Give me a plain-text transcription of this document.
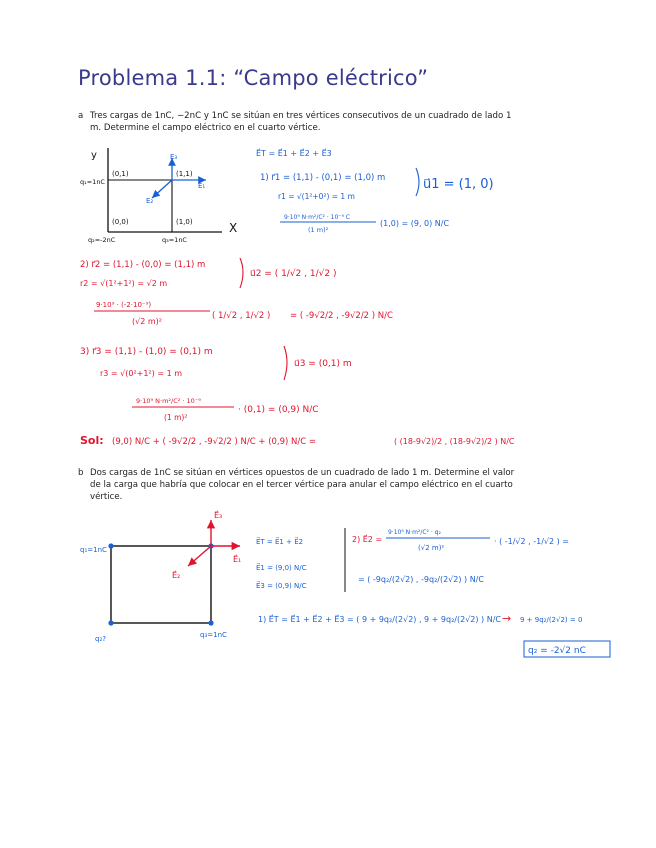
Problema 1.1: “Campo eléctrico”
a Tres cargas de 1nC, −2nC y 1nC se sitúan en tres vértices consecutivos de un cuadrado de lado 1
m. Determine el campo eléctrico en el cuarto vértice.
b Dos cargas de 1nC se sitúan en vértices opuestos de un cuadrado de lado 1 m. Determine el valor
de la carga que habría que colocar en el tercer vértice para anular el campo eléctrico en el cuarto
vértice.
y
X
(0,1)	(1,1)
(1,0)
(0,0)
q₁=1nC
q₂=-2nC	q₃=1nC
E₁
E₃
E₂
E⃗T = E⃗1 + E⃗2 + E⃗3
1) r⃗1 = (1,1) - (0,1) = (1,0) m
r1 = √(1²+0²) = 1 m
u⃗1 = (1, 0)
9·10⁹ N·m²/C² · 10⁻⁹ C
(1 m)²
(1,0) = (9, 0) N/C
2) r⃗2 = (1,1) - (0,0) = (1,1) m
r2 = √(1²+1²) = √2 m
u⃗2 = ( 1/√2 , 1/√2 )
9·10⁹ · (-2·10⁻⁹)
(√2 m)²
( 1/√2 , 1/√2 ) = ( -9√2/2 , -9√2/2 ) N/C
3) r⃗3 = (1,1) - (1,0) = (0,1) m
r3 = √(0²+1²) = 1 m
u⃗3 = (0,1) m
9·10⁹ N·m²/C² · 10⁻⁹
(1 m)²
· (0,1) = (0,9) N/C
Sol: (9,0) N/C + ( -9√2/2 , -9√2/2 ) N/C + (0,9) N/C =	( (18-9√2)/2 , (18-9√2)/2 ) N/C
q₁=1nC
q₂?	q₃=1nC
E⃗₁
E⃗₃
E⃗₂
E⃗T = E⃗1 + E⃗2
E⃗1 = (9,0) N/C
E⃗3 = (0,9) N/C
2) E⃗2 =
9·10⁹ N·m²/C² · q₂
(√2 m)²
· ( -1/√2 , -1/√2 ) =
= ( -9q₂/(2√2) , -9q₂/(2√2) ) N/C
1) E⃗T = E⃗1 + E⃗2 + E⃗3 = ( 9 + 9q₂/(2√2) , 9 + 9q₂/(2√2) ) N/C → 9 + 9q₂/(2√2) = 0
q₂ = -2√2 nC
